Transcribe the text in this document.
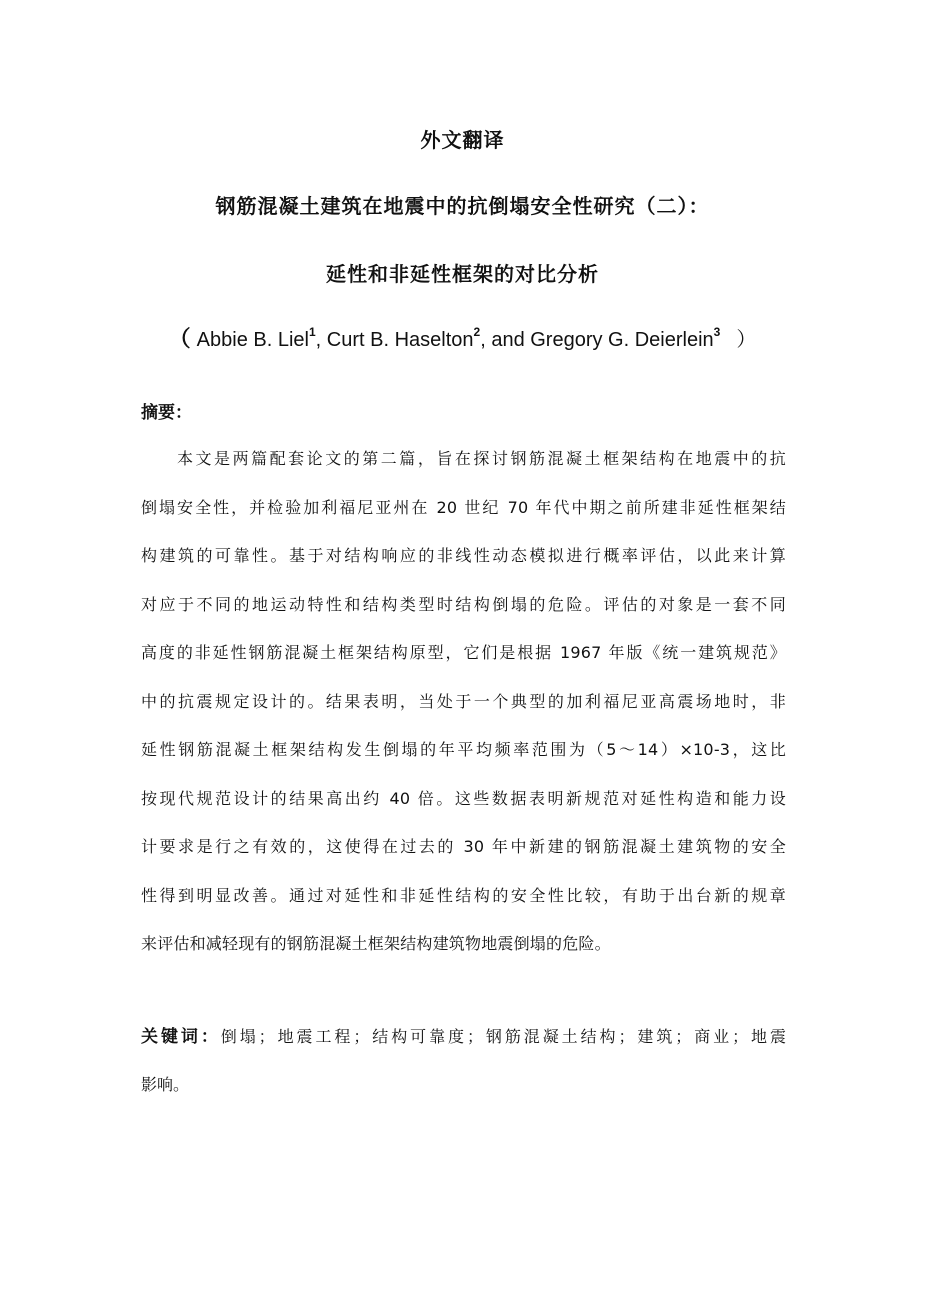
外文翻译
钢筋混凝土建筑在地震中的抗倒塌安全性研究（二）：
延性和非延性框架的对比分析
（ Abbie B. Liel$^1$, Curt B. Haselton$^2$, and Gregory G. Deierlein$^3$ ）
摘要：
本文是两篇配套论文的第二篇，旨在探讨钢筋混凝土框架结构在地震中的抗
倒塌安全性，并检验加利福尼亚州在 20 世纪 70 年代中期之前所建非延性框架结
构建筑的可靠性。基于对结构响应的非线性动态模拟进行概率评估，以此来计算
对应于不同的地运动特性和结构类型时结构倒塌的危险。评估的对象是一套不同
高度的非延性钢筋混凝土框架结构原型，它们是根据 1967 年版《统一建筑规范》
中的抗震规定设计的。结果表明，当处于一个典型的加利福尼亚高震场地时，非
延性钢筋混凝土框架结构发生倒塌的年平均频率范围为（5～14）×10-3，这比
按现代规范设计的结果高出约 40 倍。这些数据表明新规范对延性构造和能力设
计要求是行之有效的，这使得在过去的 30 年中新建的钢筋混凝土建筑物的安全
性得到明显改善。通过对延性和非延性结构的安全性比较，有助于出台新的规章
来评估和减轻现有的钢筋混凝土框架结构建筑物地震倒塌的危险。
关键词：倒塌；地震工程；结构可靠度；钢筋混凝土结构；建筑；商业；地震
影响。
